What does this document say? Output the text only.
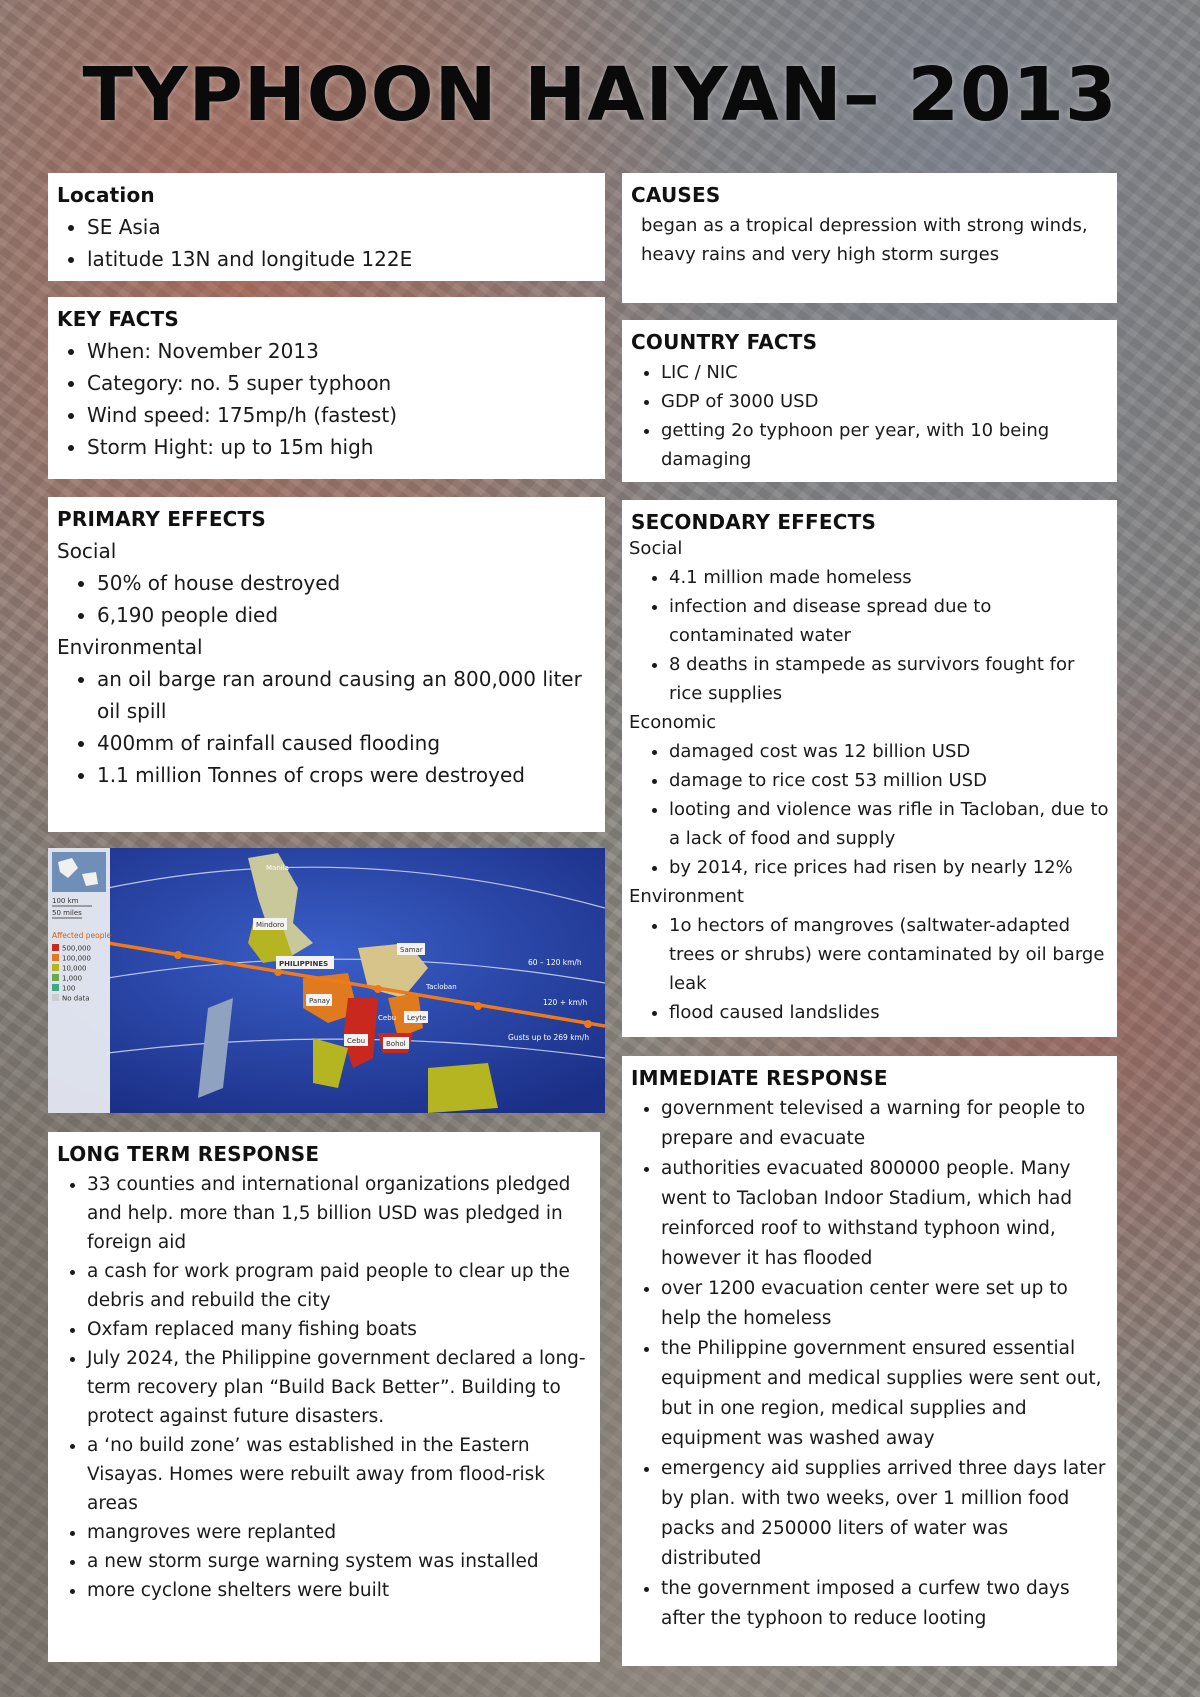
TYPHOON HAIYAN– 2013
Location
• SE Asia
• latitude 13N and longitude 122E
CAUSES
began as a tropical depression with strong winds, heavy rains and very high storm surges
KEY FACTS
• When: November 2013
• Category: no. 5 super typhoon
• Wind speed: 175mp/h (fastest)
• Storm Hight: up to 15m high
COUNTRY FACTS
• LIC / NIC
• GDP of 3000 USD
• getting 2o typhoon per year, with 10 being damaging
PRIMARY EFFECTS
Social
• 50% of house destroyed
• 6,190 people died
Environmental
• an oil barge ran around causing an 800,000 liter oil spill
• 400mm of rainfall caused flooding
• 1.1 million Tonnes of crops were destroyed
SECONDARY EFFECTS
Social
• 4.1 million made homeless
• infection and disease spread due to contaminated water
• 8 deaths in stampede as survivors fought for rice supplies
Economic
• damaged cost was 12 billion USD
• damage to rice cost 53 million USD
• looting and violence was rifle in Tacloban, due to a lack of food and supply
• by 2014, rice prices had risen by nearly 12%
Environment
• 1o hectors of mangroves (saltwater-adapted trees or shrubs) were contaminated by oil barge leak
• flood caused landslides
100 km
50 miles
Affected people
500,000
100,000
10,000
1,000
100
No data
Manila
Mindoro
PHILIPPINES
Samar
Tacloban
Panay
Leyte
Cebu
Cebu	Bohol
60 – 120 km/h
120 + km/h
Gusts up to 269 km/h
LONG TERM RESPONSE
• 33 counties and international organizations pledged and help. more than 1,5 billion USD was pledged in foreign aid
• a cash for work program paid people to clear up the debris and rebuild the city
• Oxfam replaced many fishing boats
• July 2024, the Philippine government declared a long-term recovery plan “Build Back Better”. Building to protect against future disasters.
• a ‘no build zone’ was established in the Eastern Visayas. Homes were rebuilt away from flood-risk areas
• mangroves were replanted
• a new storm surge warning system was installed
• more cyclone shelters were built
IMMEDIATE RESPONSE
• government televised a warning for people to prepare and evacuate
• authorities evacuated 800000 people. Many went to Tacloban Indoor Stadium, which had reinforced roof to withstand typhoon wind, however it has flooded
• over 1200 evacuation center were set up to help the homeless
• the Philippine government ensured essential equipment and medical supplies were sent out, but in one region, medical supplies and equipment was washed away
• emergency aid supplies arrived three days later by plan. with two weeks, over 1 million food packs and 250000 liters of water was distributed
• the government imposed a curfew two days after the typhoon to reduce looting
